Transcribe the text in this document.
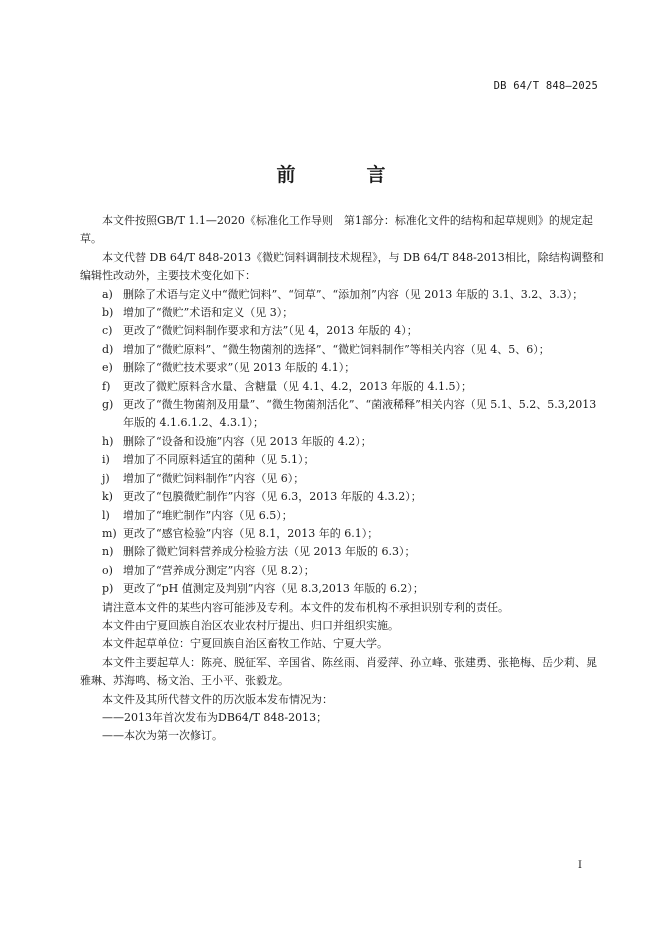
DB 64/T 848—2025
前　言

本文件按照GB/T 1.1—2020《标准化工作导则　第1部分：标准化文件的结构和起草规则》的规定起草。

本文代替 DB 64/T 848-2013《微贮饲料调制技术规程》，与 DB 64/T 848-2013相比，除结构调整和编辑性改动外，主要技术变化如下：

a) 删除了术语与定义中“微贮饲料”、“饲草”、“添加剂”内容（见 2013 年版的 3.1、3.2、3.3）；
b) 增加了“微贮”术语和定义（见 3）；
c) 更改了“微贮饲料制作要求和方法”（见 4，2013 年版的 4）；
d) 增加了“微贮原料”、“微生物菌剂的选择”、“微贮饲料制作”等相关内容（见 4、5、6）；
e) 删除了“微贮技术要求”（见 2013 年版的 4.1）；
f) 更改了微贮原料含水量、含糖量（见 4.1、4.2，2013 年版的 4.1.5）；
g) 更改了“微生物菌剂及用量”、“微生物菌剂活化”、“菌液稀释”相关内容（见 5.1、5.2、5.3,2013 年版的 4.1.6.1.2、4.3.1）；
h) 删除了“设备和设施”内容（见 2013 年版的 4.2）；
i) 增加了不同原料适宜的菌种（见 5.1）；
j) 增加了“微贮饲料制作”内容（见 6）；
k) 更改了“包膜微贮制作”内容（见 6.3，2013 年版的 4.3.2）；
l) 增加了“堆贮制作”内容（见 6.5）；
m) 更改了“感官检验”内容（见 8.1，2013 年的 6.1）；
n) 删除了微贮饲料营养成分检验方法（见 2013 年版的 6.3）；
o) 增加了“营养成分测定”内容（见 8.2）；
p) 更改了“pH 值测定及判别”内容（见 8.3,2013 年版的 6.2）；

请注意本文件的某些内容可能涉及专利。本文件的发布机构不承担识别专利的责任。

本文件由宁夏回族自治区农业农村厅提出、归口并组织实施。

本文件起草单位：宁夏回族自治区畜牧工作站、宁夏大学。

本文件主要起草人：陈亮、脱征军、辛国省、陈丝雨、肖爱萍、孙立峰、张建勇、张艳梅、岳少莉、晁雅琳、苏海鸣、杨文治、王小平、张毅龙。

本文件及其所代替文件的历次版本发布情况为：

——2013年首次发布为DB64/T 848-2013；

——本次为第一次修订。

I
